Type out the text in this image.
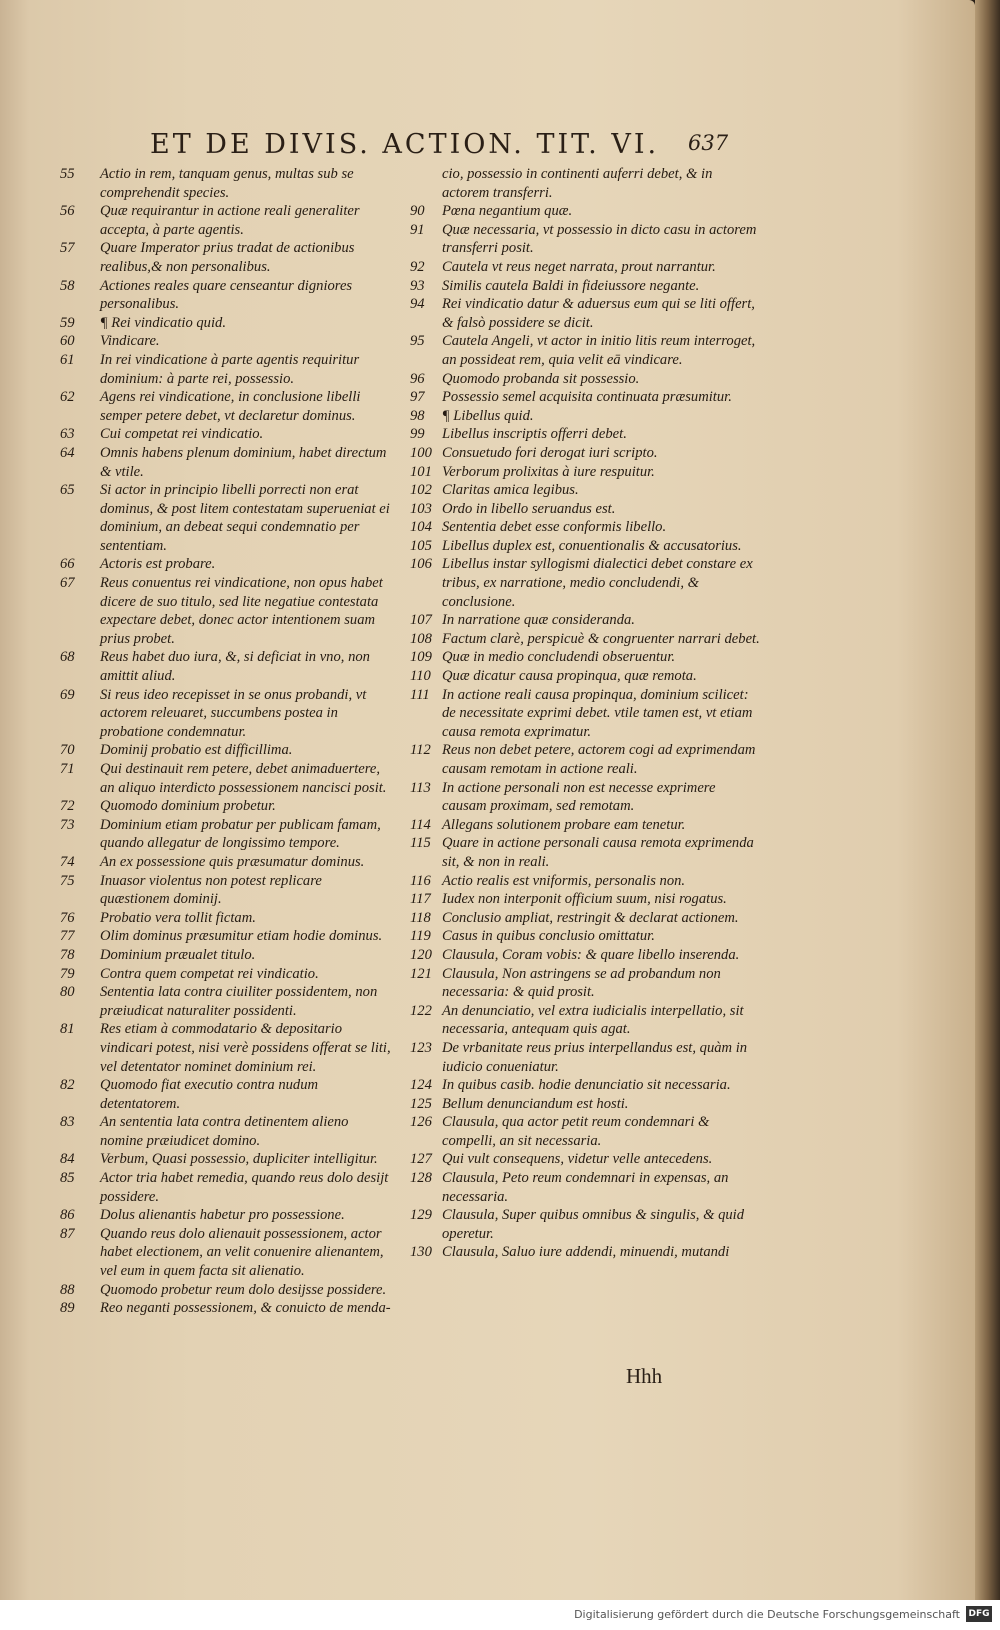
ET DE DIVIS. ACTION. TIT. VI. 637
55	Actio in rem, tanquam genus, multas sub se comprehendit species.
56	Quæ requirantur in actione reali generaliter accepta, à parte agentis.
57	Quare Imperator prius tradat de actionibus realibus,& non personalibus.
58	Actiones reales quare censeantur digniores personalibus.
59	¶ Rei vindicatio quid.
60	Vindicare.
61	In rei vindicatione à parte agentis requiritur dominium: à parte rei, possessio.
62	Agens rei vindicatione, in conclusione libelli semper petere debet, vt declaretur dominus.
63	Cui competat rei vindicatio.
64	Omnis habens plenum dominium, habet directum & vtile.
65	Si actor in principio libelli porrecti non erat dominus, & post litem contestatam superueniat ei dominium, an debeat sequi condemnatio per sententiam.
66	Actoris est probare.
67	Reus conuentus rei vindicatione, non opus habet dicere de suo titulo, sed lite negatiue contestata expectare debet, donec actor intentionem suam prius probet.
68	Reus habet duo iura, &, si deficiat in vno, non amittit aliud.
69	Si reus ideo recepisset in se onus probandi, vt actorem releuaret, succumbens postea in probatione condemnatur.
70	Dominij probatio est difficillima.
71	Qui destinauit rem petere, debet animaduertere, an aliquo interdicto possessionem nancisci posit.
72	Quomodo dominium probetur.
73	Dominium etiam probatur per publicam famam, quando allegatur de longissimo tempore.
74	An ex possessione quis præsumatur dominus.
75	Inuasor violentus non potest replicare quæstionem dominij.
76	Probatio vera tollit fictam.
77	Olim dominus præsumitur etiam hodie dominus.
78	Dominium præualet titulo.
79	Contra quem competat rei vindicatio.
80	Sententia lata contra ciuiliter possidentem, non præiudicat naturaliter possidenti.
81	Res etiam à commodatario & depositario vindicari potest, nisi verè possidens offerat se liti, vel detentator nominet dominium rei.
82	Quomodo fiat executio contra nudum detentatorem.
83	An sententia lata contra detinentem alieno nomine præiudicet domino.
84	Verbum, Quasi possessio, dupliciter intelligitur.
85	Actor tria habet remedia, quando reus dolo desijt possidere.
86	Dolus alienantis habetur pro possessione.
87	Quando reus dolo alienauit possessionem, actor habet electionem, an velit conuenire alienantem, vel eum in quem facta sit alienatio.
88	Quomodo probetur reum dolo desijsse possidere.
89	Reo neganti possessionem, & conuicto de menda-
cio, possessio in continenti auferri debet, & in actorem transferri.
90	Pœna negantium quæ.
91	Quæ necessaria, vt possessio in dicto casu in actorem transferri posit.
92	Cautela vt reus neget narrata, prout narrantur.
93	Similis cautela Baldi in fideiussore negante.
94	Rei vindicatio datur & aduersus eum qui se liti offert, & falsò possidere se dicit.
95	Cautela Angeli, vt actor in initio litis reum interroget, an possideat rem, quia velit eā vindicare.
96	Quomodo probanda sit possessio.
97	Possessio semel acquisita continuata præsumitur.
98	¶ Libellus quid.
99	Libellus inscriptis offerri debet.
100 Consuetudo fori derogat iuri scripto.
101 Verborum prolixitas à iure respuitur.
102 Claritas amica legibus.
103 Ordo in libello seruandus est.
104 Sententia debet esse conformis libello.
105 Libellus duplex est, conuentionalis & accusatorius.
106 Libellus instar syllogismi dialectici debet constare ex tribus, ex narratione, medio concludendi, & conclusione.
107 In narratione quæ consideranda.
108 Factum clarè, perspicuè & congruenter narrari debet.
109 Quæ in medio concludendi obseruentur.
110 Quæ dicatur causa propinqua, quæ remota.
111 In actione reali causa propinqua, dominium scilicet: de necessitate exprimi debet. vtile tamen est, vt etiam causa remota exprimatur.
112 Reus non debet petere, actorem cogi ad exprimendam causam remotam in actione reali.
113 In actione personali non est necesse exprimere causam proximam, sed remotam.
114 Allegans solutionem probare eam tenetur.
115 Quare in actione personali causa remota exprimenda sit, & non in reali.
116 Actio realis est vniformis, personalis non.
117 Iudex non interponit officium suum, nisi rogatus.
118 Conclusio ampliat, restringit & declarat actionem.
119 Casus in quibus conclusio omittatur.
120 Clausula, Coram vobis: & quare libello inserenda.
121 Clausula, Non astringens se ad probandum non necessaria: & quid prosit.
122 An denunciatio, vel extra iudicialis interpellatio, sit necessaria, antequam quis agat.
123 De vrbanitate reus prius interpellandus est, quàm in iudicio conueniatur.
124 In quibus casib. hodie denunciatio sit necessaria.
125 Bellum denunciandum est hosti.
126 Clausula, qua actor petit reum condemnari & compelli, an sit necessaria.
127 Qui vult consequens, videtur velle antecedens.
128 Clausula, Peto reum condemnari in expensas, an necessaria.
129 Clausula, Super quibus omnibus & singulis, & quid operetur.
130 Clausula, Saluo iure addendi, minuendi, mutandi
Hhh
Digitalisierung gefördert durch die Deutsche Forschungsgemeinschaft DFG
